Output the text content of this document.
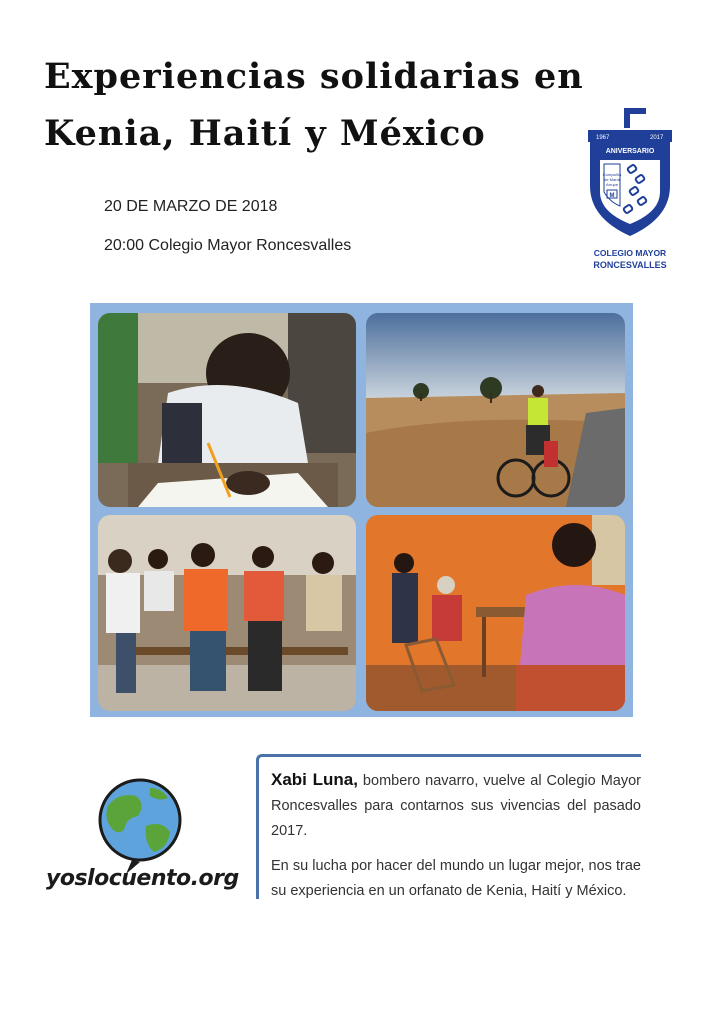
Experiencias solidarias en
Kenia, Haití y México
20 DE MARZO DE 2018
20:00 Colegio Mayor Roncesvalles
1967	2017
ANIVERSARIO
Compañía
de María
Arrupe
M
COLEGIO MAYOR
RONCESVALLES
yoslocuento.org

Xabi Luna, bombero navarro, vuelve al Colegio Mayor Roncesvalles para contarnos sus vivencias del pasado 2017.

En su lucha por hacer del mundo un lugar mejor, nos trae su experiencia en un orfanato de Kenia, Haití y México.
